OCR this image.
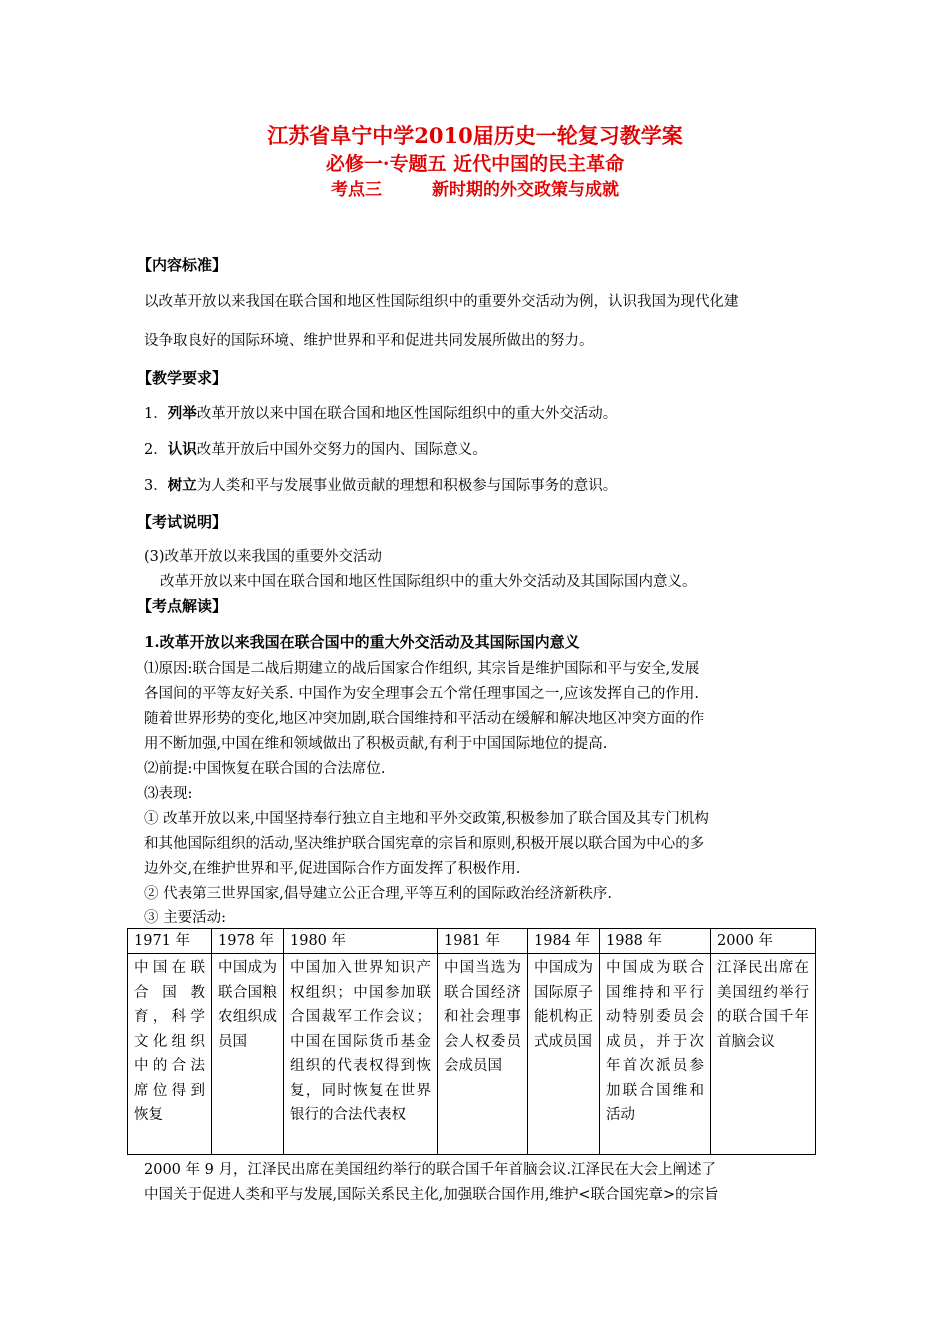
江苏省阜宁中学2010届历史一轮复习教学案
必修一·专题五 近代中国的民主革命
考点三	新时期的外交政策与成就
【内容标准】
以改革开放以来我国在联合国和地区性国际组织中的重要外交活动为例，认识我国为现代化建
设争取良好的国际环境、维护世界和平和促进共同发展所做出的努力。
【教学要求】
1．列举改革开放以来中国在联合国和地区性国际组织中的重大外交活动。
2．认识改革开放后中国外交努力的国内、国际意义。
3．树立为人类和平与发展事业做贡献的理想和积极参与国际事务的意识。
【考试说明】
(3)改革开放以来我国的重要外交活动
改革开放以来中国在联合国和地区性国际组织中的重大外交活动及其国际国内意义。
【考点解读】
1.改革开放以来我国在联合国中的重大外交活动及其国际国内意义
⑴原因:联合国是二战后期建立的战后国家合作组织, 其宗旨是维护国际和平与安全,发展
各国间的平等友好关系. 中国作为安全理事会五个常任理事国之一,应该发挥自己的作用.
随着世界形势的变化,地区冲突加剧,联合国维持和平活动在缓解和解决地区冲突方面的作
用不断加强,中国在维和领域做出了积极贡献,有利于中国国际地位的提高.
⑵前提:中国恢复在联合国的合法席位.
⑶表现:
① 改革开放以来,中国坚持奉行独立自主地和平外交政策,积极参加了联合国及其专门机构
和其他国际组织的活动,坚决维护联合国宪章的宗旨和原则,积极开展以联合国为中心的多
边外交,在维护世界和平,促进国际合作方面发挥了积极作用.
② 代表第三世界国家,倡导建立公正合理,平等互利的国际政治经济新秩序.
③ 主要活动:
1971 年	1978 年	1980 年	1981 年	1984 年	1988 年	2000 年
中国在联合国教育，科学文化组织中的合法席位得到恢复	中国成为联合国粮农组织成员国	中国加入世界知识产权组织；中国参加联合国裁军工作会议；中国在国际货币基金组织的代表权得到恢复，同时恢复在世界银行的合法代表权	中国当选为联合国经济和社会理事会人权委员会成员国	中国成为国际原子能机构正式成员国	中国成为联合国维持和平行动特别委员会成员，并于次年首次派员参加联合国维和活动	江泽民出席在美国纽约举行的联合国千年首脑会议
2000 年 9 月，江泽民出席在美国纽约举行的联合国千年首脑会议.江泽民在大会上阐述了
中国关于促进人类和平与发展,国际关系民主化,加强联合国作用,维护<联合国宪章>的宗旨
